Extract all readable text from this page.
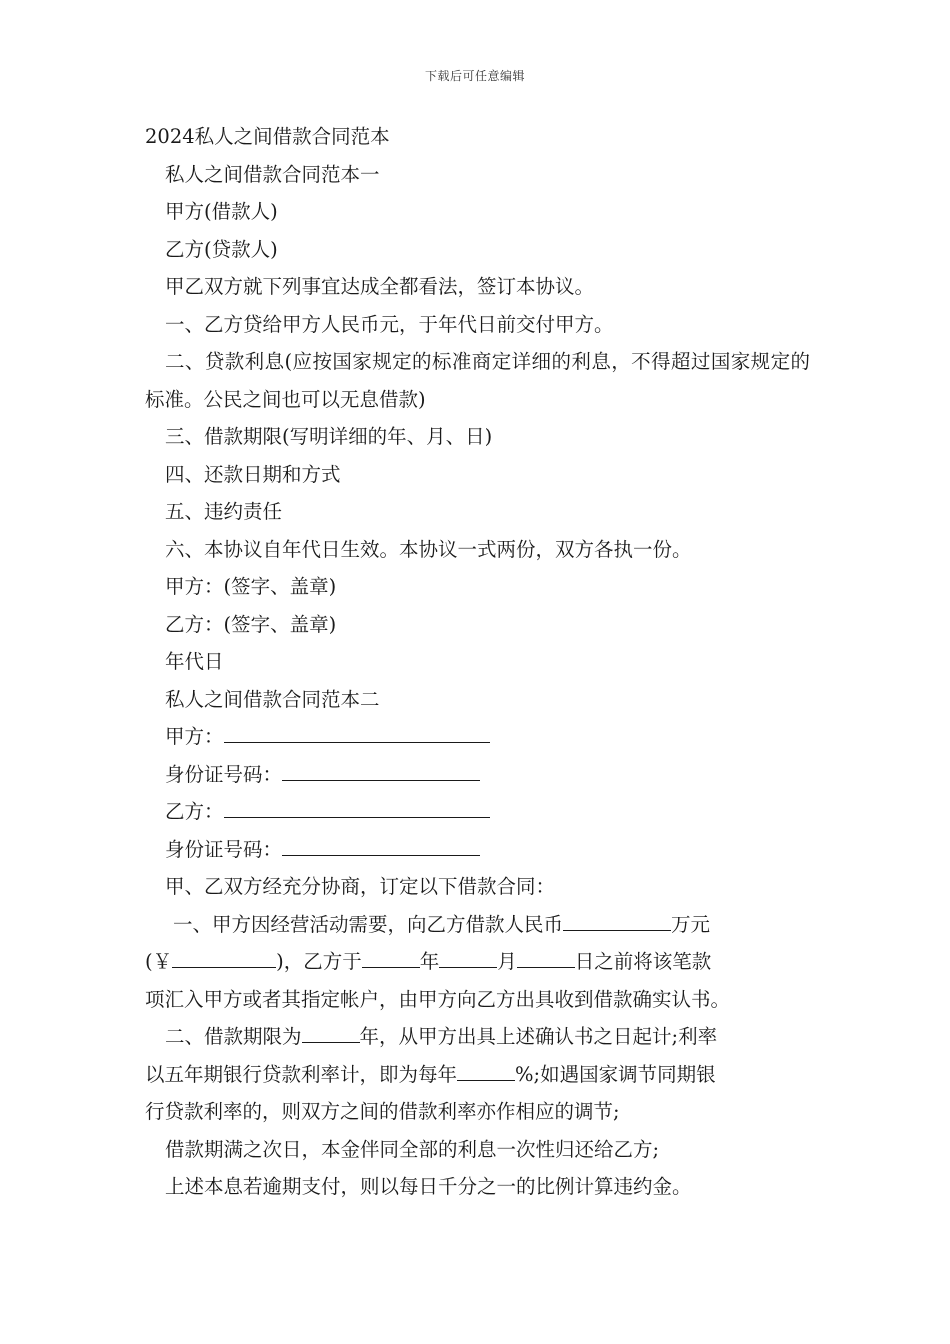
下载后可任意编辑
2024私人之间借款合同范本
私人之间借款合同范本一
甲方(借款人)
乙方(贷款人)
甲乙双方就下列事宜达成全都看法，签订本协议。
一、乙方贷给甲方人民币元，于年代日前交付甲方。
二、贷款利息(应按国家规定的标准商定详细的利息，不得超过国家规定的标准。公民之间也可以无息借款)
三、借款期限(写明详细的年、月、日)
四、还款日期和方式
五、违约责任
六、本协议自年代日生效。本协议一式两份，双方各执一份。
甲方：(签字、盖章)
乙方：(签字、盖章)
年代日
私人之间借款合同范本二
甲方：
身份证号码：
乙方：
身份证号码：
甲、乙双方经充分协商，订定以下借款合同：
一、甲方因经营活动需要，向乙方借款人民币	万元
(￥	)，乙方于	年	月	日之前将该笔款
项汇入甲方或者其指定帐户，由甲方向乙方出具收到借款确实认书。
二、借款期限为	年，从甲方出具上述确认书之日起计;利率
以五年期银行贷款利率计，即为每年	%;如遇国家调节同期银
行贷款利率的，则双方之间的借款利率亦作相应的调节;
借款期满之次日，本金伴同全部的利息一次性归还给乙方;
上述本息若逾期支付，则以每日千分之一的比例计算违约金。
